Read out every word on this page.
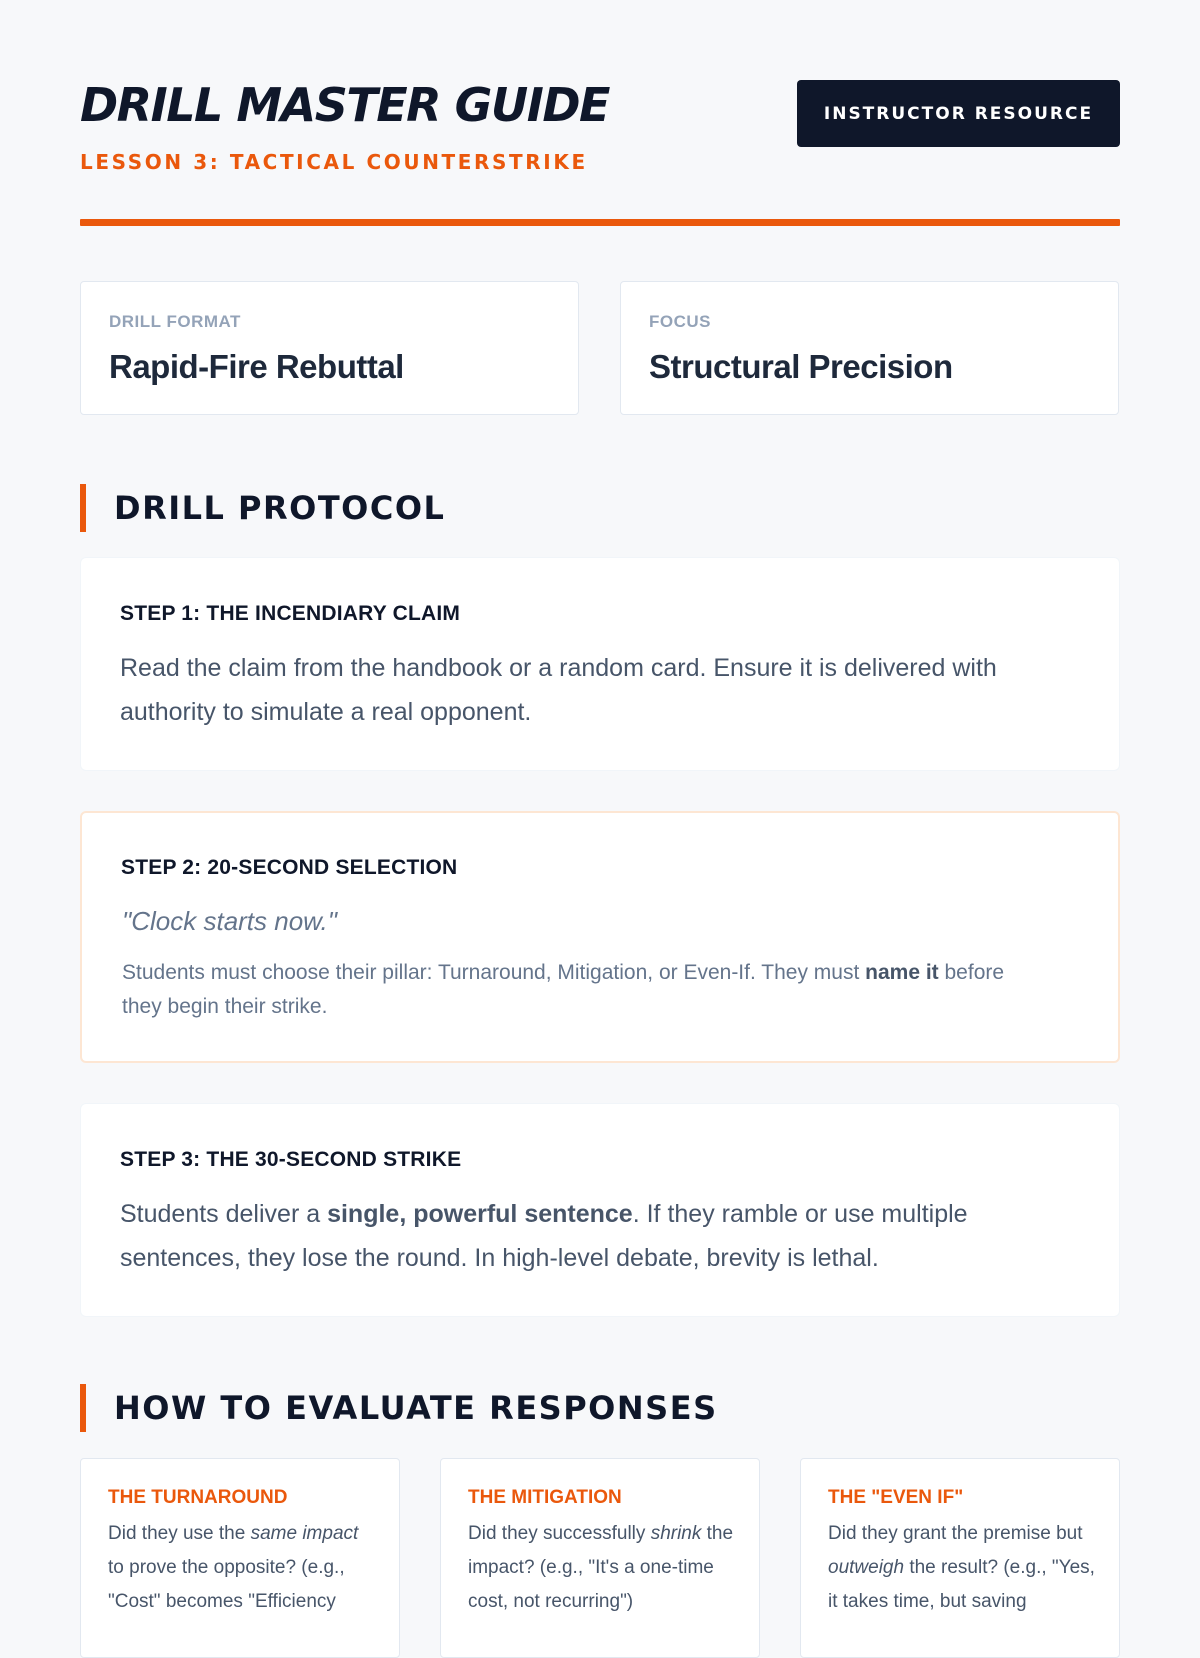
DRILL MASTER GUIDE
LESSON 3: TACTICAL COUNTERSTRIKE
INSTRUCTOR RESOURCE
DRILL FORMAT
Rapid-Fire Rebuttal
FOCUS
Structural Precision
DRILL PROTOCOL
STEP 1: THE INCENDIARY CLAIM

Read the claim from the handbook or a random card. Ensure it is delivered with authority to simulate a real opponent.

STEP 2: 20-SECOND SELECTION
"Clock starts now."

Students must choose their pillar: Turnaround, Mitigation, or Even-If. They must name it before they begin their strike.

STEP 3: THE 30-SECOND STRIKE

Students deliver a single, powerful sentence. If they ramble or use multiple sentences, they lose the round. In high-level debate, brevity is lethal.

HOW TO EVALUATE RESPONSES
THE TURNAROUND

Did they use the same impact to prove the opposite? (e.g., "Cost" becomes "Efficiency

THE MITIGATION

Did they successfully shrink the impact? (e.g., "It's a one-time cost, not recurring")

THE "EVEN IF"

Did they grant the premise but outweigh the result? (e.g., "Yes, it takes time, but saving
